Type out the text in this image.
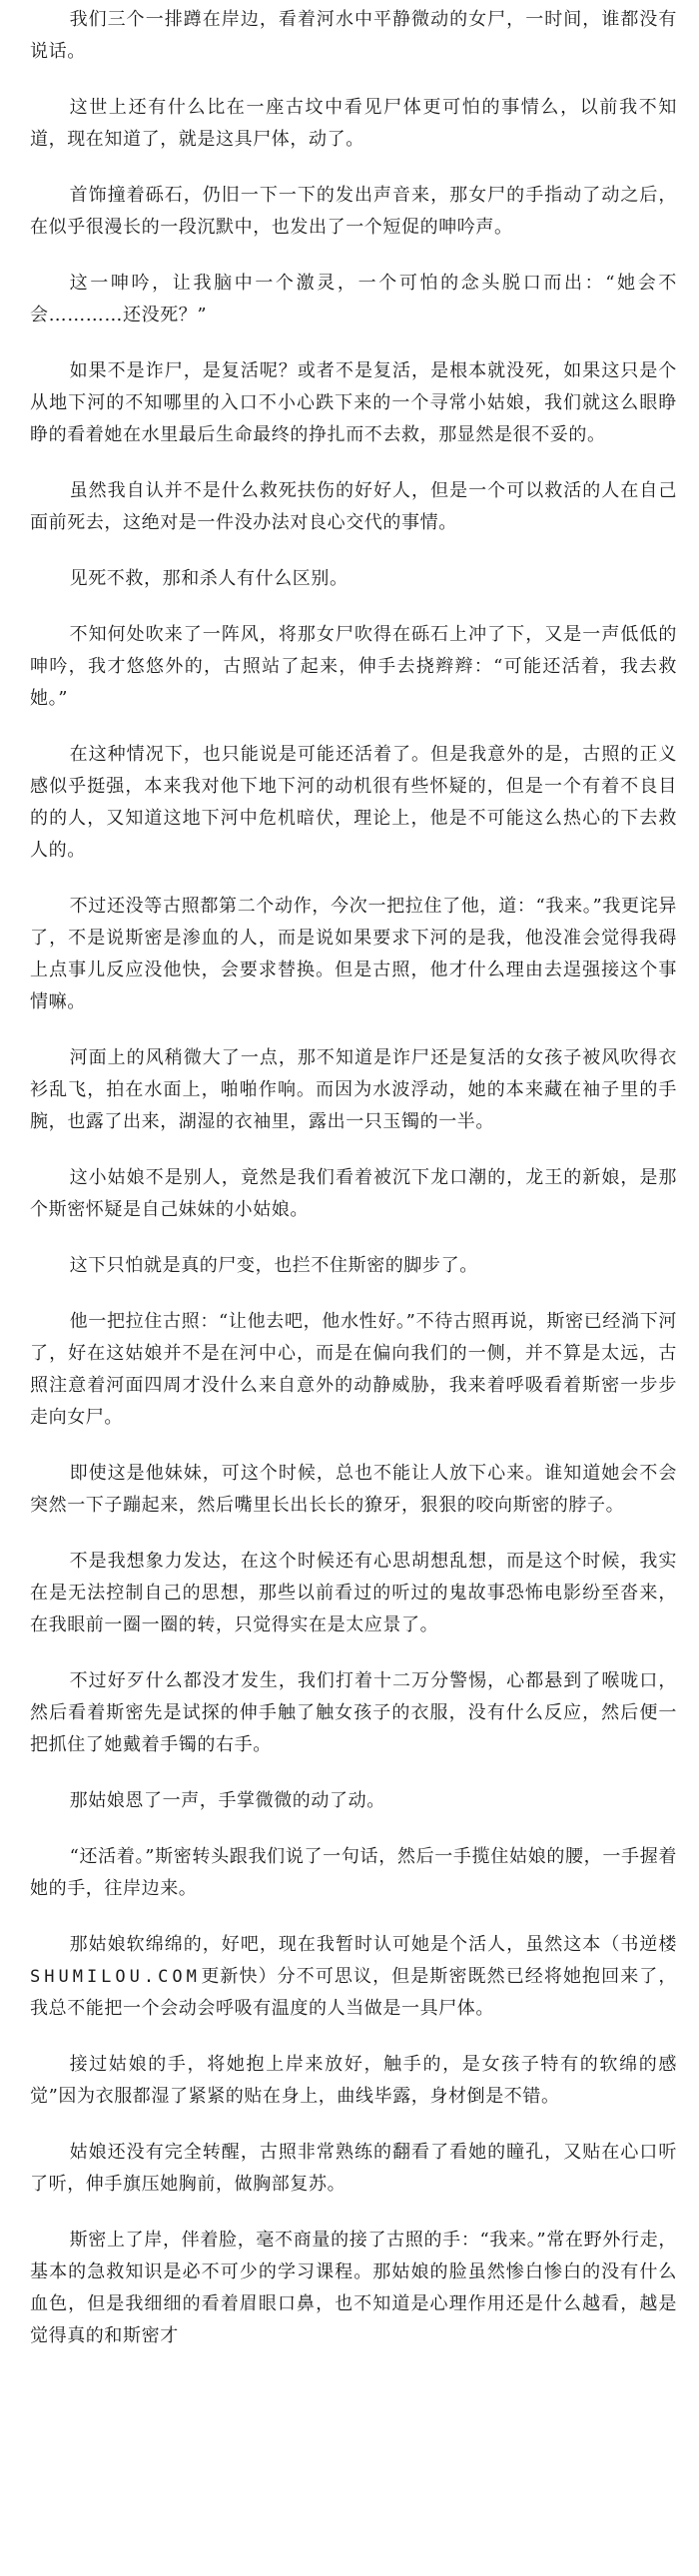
我们三个一排蹲在岸边，看着河水中平静微动的女尸，一时间，谁都没有说话。

这世上还有什么比在一座古坟中看见尸体更可怕的事情么，以前我不知道，现在知道了，就是这具尸体，动了。

首饰撞着砾石，仍旧一下一下的发出声音来，那女尸的手指动了动之后，在似乎很漫长的一段沉默中，也发出了一个短促的呻吟声。

这一呻吟，让我脑中一个激灵，一个可怕的念头脱口而出：“她会不会…………还没死？”

如果不是诈尸，是复活呢？或者不是复活，是根本就没死，如果这只是个从地下河的不知哪里的入口不小心跌下来的一个寻常小姑娘，我们就这么眼睁睁的看着她在水里最后生命最终的挣扎而不去救，那显然是很不妥的。

虽然我自认并不是什么救死扶伤的好好人，但是一个可以救活的人在自己面前死去，这绝对是一件没办法对良心交代的事情。

见死不救，那和杀人有什么区别。

不知何处吹来了一阵风，将那女尸吹得在砾石上冲了下，又是一声低低的呻吟，我才悠悠外的，古照站了起来，伸手去挠辫辫：“可能还活着，我去救她。”

在这种情况下，也只能说是可能还活着了。但是我意外的是，古照的正义感似乎挺强，本来我对他下地下河的动机很有些怀疑的，但是一个有着不良目的的人，又知道这地下河中危机暗伏，理论上，他是不可能这么热心的下去救人的。

不过还没等古照都第二个动作，今次一把拉住了他，道：“我来。”我更诧异了，不是说斯密是渗血的人，而是说如果要求下河的是我，他没准会觉得我碍上点事儿反应没他快，会要求替换。但是古照，他才什么理由去逞强接这个事情嘛。

河面上的风稍微大了一点，那不知道是诈尸还是复活的女孩子被风吹得衣衫乱飞，拍在水面上，啪啪作响。而因为水波浮动，她的本来藏在袖子里的手腕，也露了出来，湖湿的衣袖里，露出一只玉镯的一半。

这小姑娘不是别人，竟然是我们看着被沉下龙口潮的，龙王的新娘，是那个斯密怀疑是自己妹妹的小姑娘。

这下只怕就是真的尸变，也拦不住斯密的脚步了。

他一把拉住古照：“让他去吧，他水性好。”不待古照再说，斯密已经淌下河了，好在这姑娘并不是在河中心，而是在偏向我们的一侧，并不算是太远，古照注意着河面四周才没什么来自意外的动静威胁，我来着呼吸看着斯密一步步走向女尸。

即使这是他妹妹，可这个时候，总也不能让人放下心来。谁知道她会不会突然一下子蹦起来，然后嘴里长出长长的獠牙，狠狠的咬向斯密的脖子。

不是我想象力发达，在这个时候还有心思胡想乱想，而是这个时候，我实在是无法控制自己的思想，那些以前看过的听过的鬼故事恐怖电影纷至沓来，在我眼前一圈一圈的转，只觉得实在是太应景了。

不过好歹什么都没才发生，我们打着十二万分警惕，心都悬到了喉咙口，然后看着斯密先是试探的伸手触了触女孩子的衣服，没有什么反应，然后便一把抓住了她戴着手镯的右手。

那姑娘恩了一声，手掌微微的动了动。

“还活着。”斯密转头跟我们说了一句话，然后一手揽住姑娘的腰，一手握着她的手，往岸边来。

那姑娘软绵绵的，好吧，现在我暂时认可她是个活人，虽然这本（书逆楼SHUMILOU.COM更新快）分不可思议，但是斯密既然已经将她抱回来了，我总不能把一个会动会呼吸有温度的人当做是一具尸体。

接过姑娘的手，将她抱上岸来放好，触手的，是女孩子特有的软绵的感觉”因为衣服都湿了紧紧的贴在身上，曲线毕露，身材倒是不错。

姑娘还没有完全转醒，古照非常熟练的翻看了看她的瞳孔，又贴在心口听了听，伸手旗压她胸前，做胸部复苏。

斯密上了岸，伴着脸，毫不商量的接了古照的手：“我来。”常在野外行走，基本的急救知识是必不可少的学习课程。那姑娘的脸虽然惨白惨白的没有什么血色，但是我细细的看着眉眼口鼻，也不知道是心理作用还是什么越看，越是觉得真的和斯密才
